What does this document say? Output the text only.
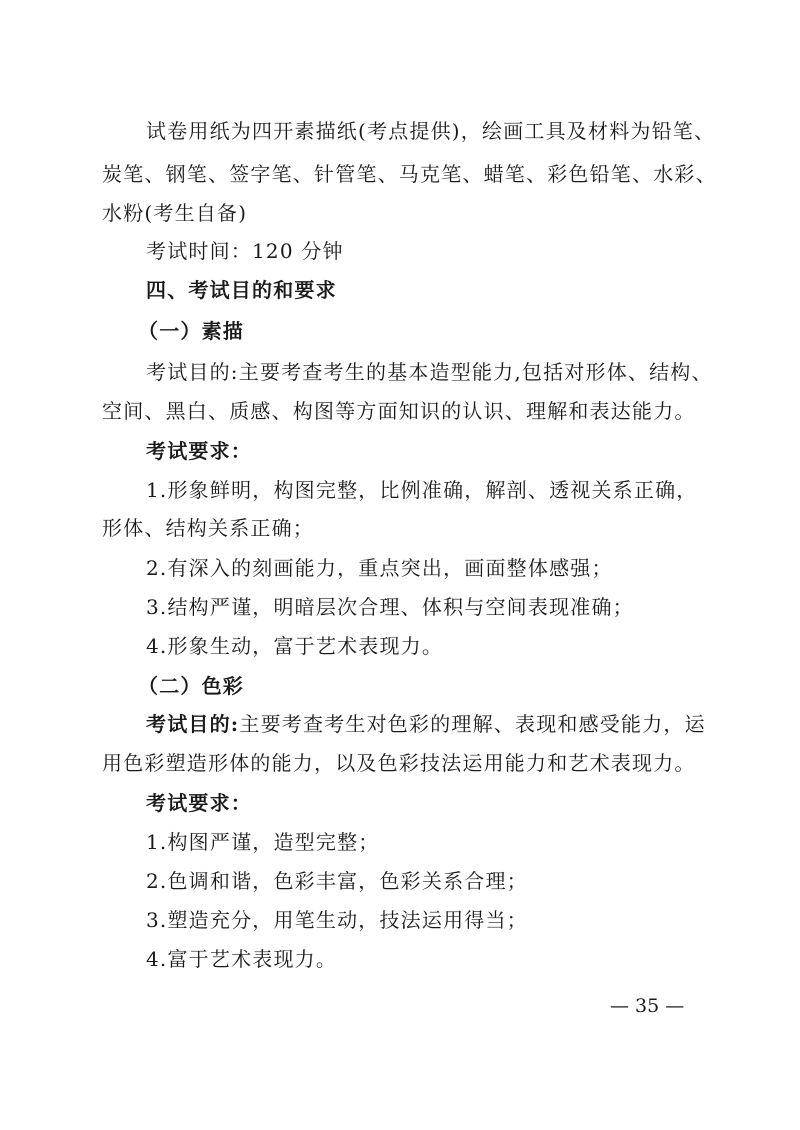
试卷用纸为四开素描纸(考点提供)，绘画工具及材料为铅笔、
炭笔、钢笔、签字笔、针管笔、马克笔、蜡笔、彩色铅笔、水彩、
水粉(考生自备)
考试时间：120 分钟
四、考试目的和要求
（一）素描
考试目的:主要考查考生的基本造型能力,包括对形体、结构、
空间、黑白、质感、构图等方面知识的认识、理解和表达能力。
考试要求：
1.形象鲜明，构图完整，比例准确，解剖、透视关系正确，
形体、结构关系正确；
2.有深入的刻画能力，重点突出，画面整体感强；
3.结构严谨，明暗层次合理、体积与空间表现准确；
4.形象生动，富于艺术表现力。
（二）色彩
考试目的:主要考查考生对色彩的理解、表现和感受能力，运
用色彩塑造形体的能力，以及色彩技法运用能力和艺术表现力。
考试要求：
1.构图严谨，造型完整；
2.色调和谐，色彩丰富，色彩关系合理；
3.塑造充分，用笔生动，技法运用得当；
4.富于艺术表现力。
— 35 —
